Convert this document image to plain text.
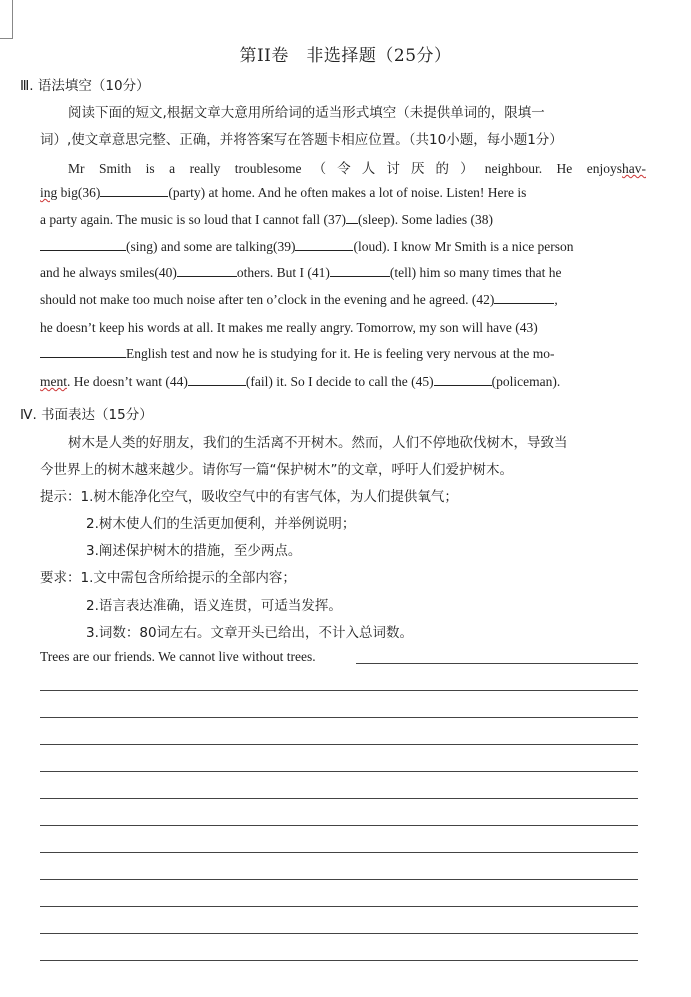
第II卷　非选择题（25分）
Ⅲ. 语法填空（10分）
阅读下面的短文,根据文章大意用所给词的适当形式填空（未提供单词的，限填一
词）,使文章意思完整、正确，并将答案写在答题卡相应位置。（共10小题，每小题1分）
Mr Smith is a really troublesome（令人讨厌的）neighbour. He enjoyshav-
ing big(36)	(party) at home. And he often makes a lot of noise. Listen! Here is
a party again. The music is so loud that I cannot fall (37) (sleep). Some ladies (38)
(sing) and some are talking(39)	(loud). I know Mr Smith is a nice person
and he always smiles(40)	others. But I (41)	(tell) him so many times that he
should not make too much noise after ten o’clock in the evening and he agreed. (42)	,
he doesn’t keep his words at all. It makes me really angry. Tomorrow, my son will have (43)
English test and now he is studying for it. He is feeling very nervous at the mo-
ment. He doesn’t want (44)	(fail) it. So I decide to call the (45)	(policeman).
Ⅳ. 书面表达（15分）
树木是人类的好朋友，我们的生活离不开树木。然而，人们不停地砍伐树木，导致当
今世界上的树木越来越少。请你写一篇“保护树木”的文章，呼吁人们爱护树木。
提示：1.树木能净化空气，吸收空气中的有害气体，为人们提供氧气；
2.树木使人们的生活更加便利，并举例说明；
3.阐述保护树木的措施，至少两点。
要求：1.文中需包含所给提示的全部内容；
2.语言表达准确，语义连贯，可适当发挥。
3.词数：80词左右。文章开头已给出，不计入总词数。
Trees are our friends. We cannot live without trees.
